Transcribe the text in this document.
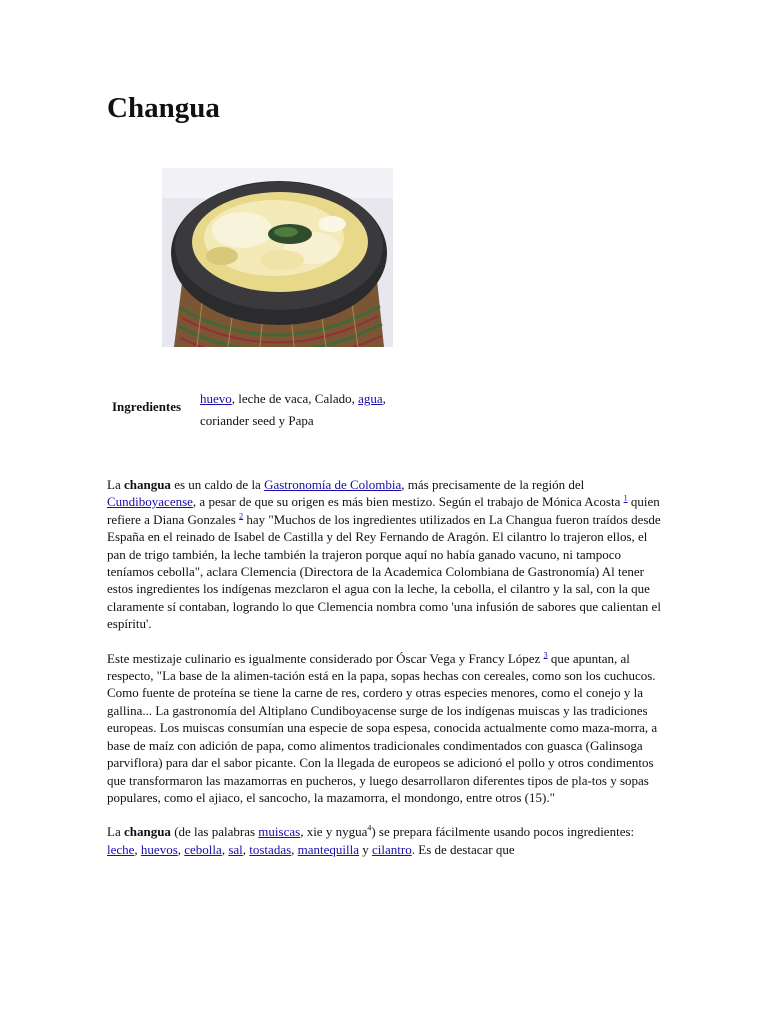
Changua
Ingredientes
huevo, leche de vaca, Calado, agua,
coriander seed y Papa

La changua es un caldo de la Gastronomía de Colombia, más precisamente de la región del Cundiboyacense, a pesar de que su origen es más bien mestizo. Según el trabajo de Mónica Acosta $^1$ quien refiere a Diana Gonzales $^2$ hay "Muchos de los ingredientes utilizados en La Changua fueron traídos desde España en el reinado de Isabel de Castilla y del Rey Fernando de Aragón. El cilantro lo trajeron ellos, el pan de trigo también, la leche también la trajeron porque aquí no había ganado vacuno, ni tampoco teníamos cebolla", aclara Clemencia (Directora de la Academica Colombiana de Gastronomía) Al tener estos ingredientes los indígenas mezclaron el agua con la leche, la cebolla, el cilantro y la sal, con la que claramente sí contaban, logrando lo que Clemencia nombra como 'una infusión de sabores que calientan el espíritu'.

Este mestizaje culinario es igualmente considerado por Óscar Vega y Francy López $^3$ que apuntan, al respecto, "La base de la alimen-tación está en la papa, sopas hechas con cereales, como son los cuchucos. Como fuente de proteína se tiene la carne de res, cordero y otras especies menores, como el conejo y la gallina... La gastronomía del Altiplano Cundiboyacense surge de los indígenas muiscas y las tradiciones europeas. Los muiscas consumían una especie de sopa espesa, conocida actualmente como maza-morra, a base de maíz con adición de papa, como alimentos tradicionales condimentados con guasca (Galinsoga parviflora) para dar el sabor picante. Con la llegada de europeos se adicionó el pollo y otros condimentos que transformaron las mazamorras en pucheros, y luego desarrollaron diferentes tipos de pla-tos y sopas populares, como el ajiaco, el sancocho, la mazamorra, el mondongo, entre otros (15)."

La changua (de las palabras muiscas, xie y nygua$^4$) se prepara fácilmente usando pocos ingredientes: leche, huevos, cebolla, sal, tostadas, mantequilla y cilantro. Es de destacar que
